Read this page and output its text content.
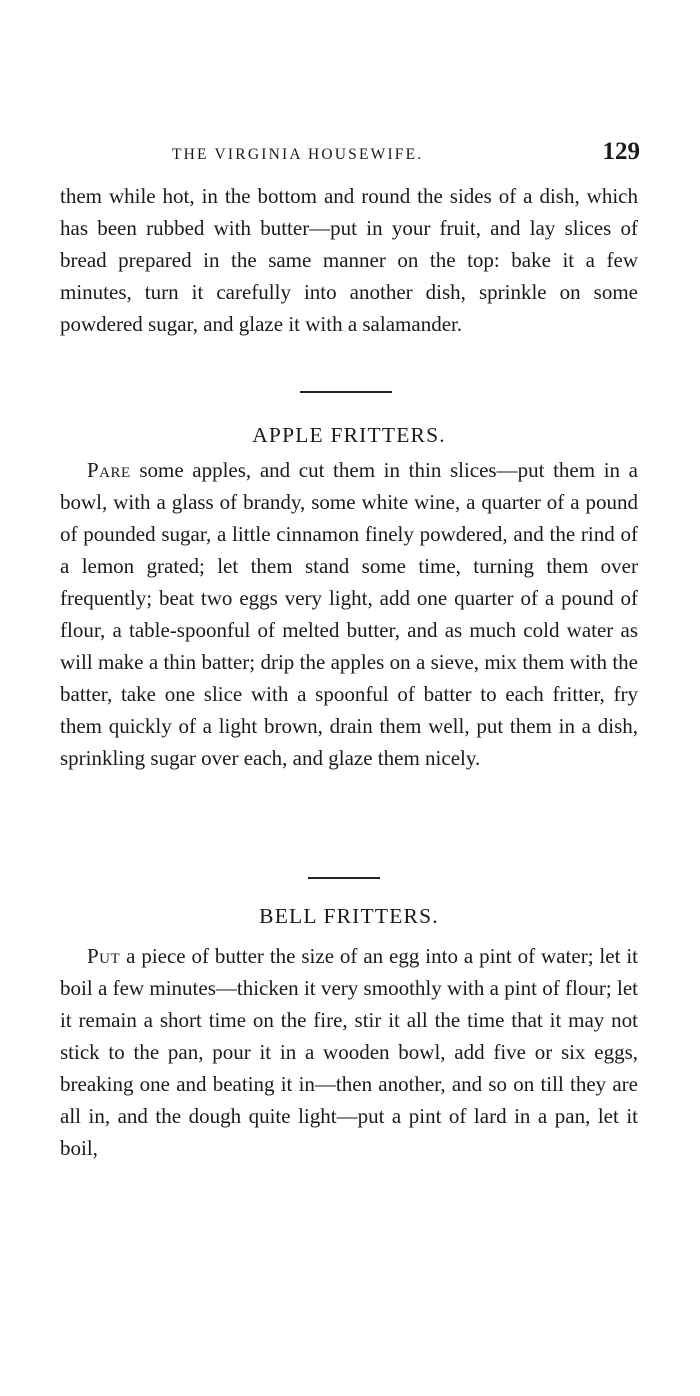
THE VIRGINIA HOUSEWIFE.	129

them while hot, in the bottom and round the sides of a dish, which has been rubbed with butter—put in your fruit, and lay slices of bread prepared in the same manner on the top: bake it a few minutes, turn it carefully into another dish, sprinkle on some powdered sugar, and glaze it with a salamander.

APPLE FRITTERS.

Pare some apples, and cut them in thin slices—put them in a bowl, with a glass of brandy, some white wine, a quarter of a pound of pounded sugar, a little cinnamon finely powdered, and the rind of a lemon grated; let them stand some time, turning them over frequently; beat two eggs very light, add one quarter of a pound of flour, a table-spoonful of melted butter, and as much cold water as will make a thin batter; drip the apples on a sieve, mix them with the batter, take one slice with a spoonful of batter to each fritter, fry them quickly of a light brown, drain them well, put them in a dish, sprinkling sugar over each, and glaze them nicely.

BELL FRITTERS.

Put a piece of butter the size of an egg into a pint of water; let it boil a few minutes—thicken it very smoothly with a pint of flour; let it remain a short time on the fire, stir it all the time that it may not stick to the pan, pour it in a wooden bowl, add five or six eggs, breaking one and beating it in—then another, and so on till they are all in, and the dough quite light—put a pint of lard in a pan, let it boil,
